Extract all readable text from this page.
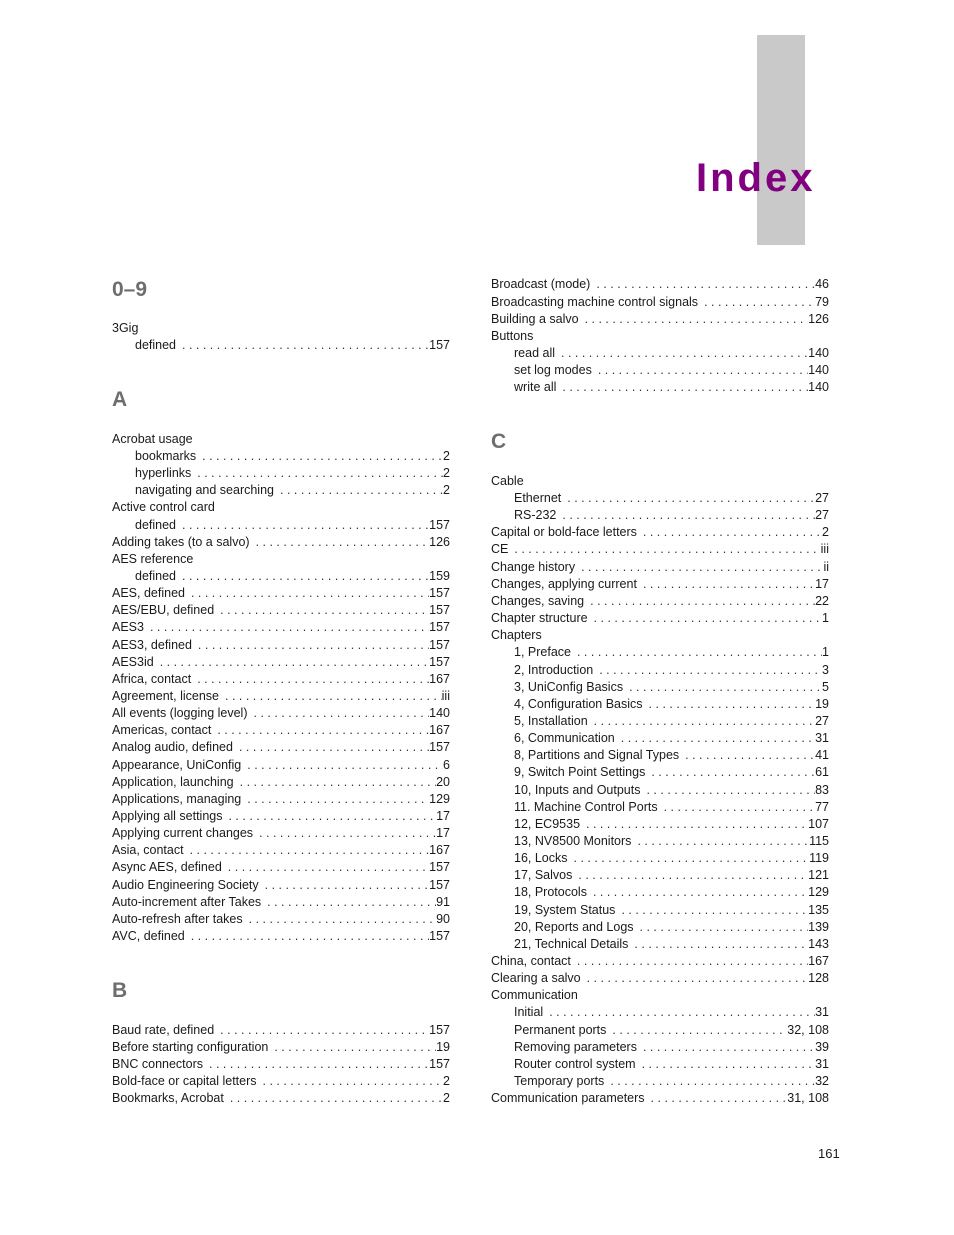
Index
0–9
3Gig
defined . . .	157
A
Acrobat usage
bookmarks . . .	2
hyperlinks . . .	2
navigating and searching . . .	2
Active control card
defined . . .	157
Adding takes (to a salvo) . . .	126
AES reference
defined . . .	159
AES, defined . . .	157
AES/EBU, defined . . .	157
AES3 . . .	157
AES3, defined . . .	157
AES3id . . .	157
Africa, contact . . .	167
Agreement, license . . .	iii
All events (logging level) . . .	140
Americas, contact . . .	167
Analog audio, defined . . .	157
Appearance, UniConfig . . .	6
Application, launching . . .	20
Applications, managing . . .	129
Applying all settings . . .	17
Applying current changes . . .	17
Asia, contact . . .	167
Async AES, defined . . .	157
Audio Engineering Society . . .	157
Auto-increment after Takes . . .	91
Auto-refresh after takes . . .	90
AVC, defined . . .	157
B
Baud rate, defined . . .	157
Before starting configuration . . .	19
BNC connectors . . .	157
Bold-face or capital letters . . .	2
Bookmarks, Acrobat . . .	2
Broadcast (mode) . . .	46
Broadcasting machine control signals . . .	79
Building a salvo . . .	126
Buttons
read all . . .	140
set log modes . . .	140
write all . . .	140
C
Cable
Ethernet . . .	27
RS-232 . . .	27
Capital or bold-face letters . . .	2
CE . . .	iii
Change history . . .	ii
Changes, applying current . . .	17
Changes, saving . . .	22
Chapter structure . . .	1
Chapters
1, Preface . . .	1
2, Introduction . . .	3
3, UniConfig Basics . . .	5
4, Configuration Basics . . .	19
5, Installation . . .	27
6, Communication . . .	31
8, Partitions and Signal Types . . .	41
9, Switch Point Settings . . .	61
10, Inputs and Outputs . . .	83
11. Machine Control Ports . . .	77
12, EC9535 . . .	107
13, NV8500 Monitors . . .	115
16, Locks . . .	119
17, Salvos . . .	121
18, Protocols . . .	129
19, System Status . . .	135
20, Reports and Logs . . .	139
21, Technical Details . . .	143
China, contact . . .	167
Clearing a salvo . . .	128
Communication
Initial . . .	31
Permanent ports . . .	32, 108
Removing parameters . . .	39
Router control system . . .	31
Temporary ports . . .	32
Communication parameters . . .	31, 108
161
